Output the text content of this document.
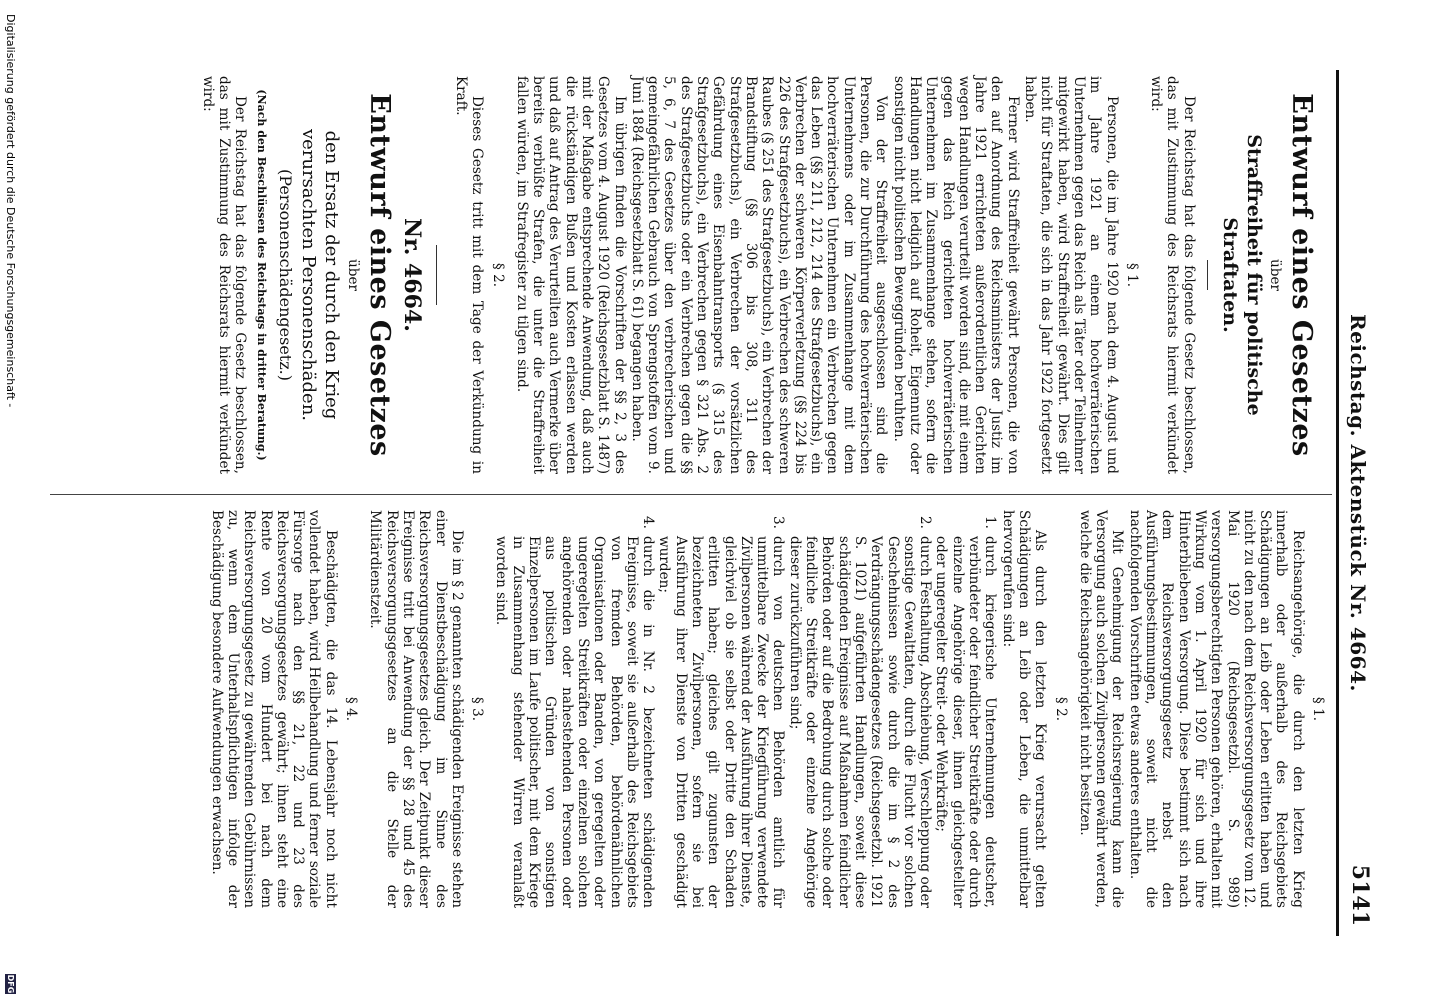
Reichstag. Aktenstück Nr. 4664.
5141

Entwurf eines Gesetzes

über

Straffreiheit für politische Straftaten.

Der Reichstag hat das folgende Gesetz beschlossen, das mit Zustimmung des Reichsrats hiermit verkündet wird:

§ 1.

Personen, die im Jahre 1920 nach dem 4. August und im Jahre 1921 an einem hochverräterischen Unternehmen gegen das Reich als Täter oder Teilnehmer mitgewirkt haben, wird Straffreiheit gewährt. Dies gilt nicht für Straftaten, die sich in das Jahr 1922 fortgesetzt haben.

Ferner wird Straffreiheit gewährt Personen, die von den auf Anordnung des Reichsministers der Justiz im Jahre 1921 errichteten außerordentlichen Gerichten wegen Handlungen verurteilt worden sind, die mit einem gegen das Reich gerichteten hochverräterischen Unternehmen im Zusammenhange stehen, sofern die Handlungen nicht lediglich auf Roheit, Eigennutz oder sonstigen nicht politischen Beweggründen beruhten.

Von der Straffreiheit ausgeschlossen sind die Personen, die zur Durchführung des hochverräterischen Unternehmens oder im Zusammenhange mit dem hochverräterischen Unternehmen ein Verbrechen gegen das Leben (§§ 211, 212, 214 des Strafgesetzbuchs), ein Verbrechen der schweren Körperverletzung (§§ 224 bis 226 des Strafgesetzbuchs), ein Verbrechen des schweren Raubes (§ 251 des Strafgesetzbuchs), ein Verbrechen der Brandstiftung (§§ 306 bis 308, 311 des Strafgesetzbuchs), ein Verbrechen der vorsätzlichen Gefährdung eines Eisenbahntransports (§ 315 des Strafgesetzbuchs), ein Verbrechen gegen § 321 Abs. 2 des Strafgesetzbuchs oder ein Verbrechen gegen die §§ 5, 6, 7 des Gesetzes über den verbrecherischen und gemeingefährlichen Gebrauch von Sprengstoffen vom 9. Juni 1884 (Reichsgesetzblatt S. 61) begangen haben.

Im übrigen finden die Vorschriften der §§ 2, 3 des Gesetzes vom 4. August 1920 (Reichsgesetzblatt S. 1487) mit der Maßgabe entsprechende Anwendung, daß auch die rückständigen Bußen und Kosten erlassen werden und daß auf Antrag des Verurteilten auch Vermerke über bereits verbüßte Strafen, die unter die Straffreiheit fallen würden, im Strafregister zu tilgen sind.

§ 2.

Dieses Gesetz tritt mit dem Tage der Verkündung in Kraft.

Nr. 4664.

Entwurf eines Gesetzes

über

den Ersatz der durch den Krieg verursachten Personenschäden.

(Personenschädengesetz.)

(Nach den Beschlüssen des Reichstags in dritter Beratung.)

Der Reichstag hat das folgende Gesetz beschlossen, das mit Zustimmung des Reichsrats hiermit verkündet wird:

§ 1.

Reichsangehörige, die durch den letzten Krieg innerhalb oder außerhalb des Reichsgebiets Schädigungen an Leib oder Leben erlitten haben und nicht zu den nach dem Reichsversorgungsgesetz vom 12. Mai 1920 (Reichsgesetzbl. S. 989) versorgungsberechtigten Personen gehören, erhalten mit Wirkung vom 1. April 1920 für sich und ihre Hinterbliebenen Versorgung. Diese bestimmt sich nach dem Reichsversorgungsgesetz nebst den Ausführungsbestimmungen, soweit nicht die nachfolgenden Vorschriften etwas anderes enthalten.

Mit Genehmigung der Reichsregierung kann die Versorgung auch solchen Zivilpersonen gewährt werden, welche die Reichsangehörigkeit nicht besitzen.

§ 2.

Als durch den letzten Krieg verursacht gelten Schädigungen an Leib oder Leben, die unmittelbar hervorgerufen sind:

1.
durch kriegerische Unternehmungen deutscher, verbündeter oder feindlicher Streitkräfte oder durch einzelne Angehörige dieser, ihnen gleichgestellter oder ungeregelter Streit- oder Wehrkräfte;
2.
durch Festhaltung, Abschiebung, Verschleppung oder sonstige Gewalttaten, durch die Flucht vor solchen Geschehnissen sowie durch die im § 2 des Verdrängungsschädengesetzes (Reichsgesetzbl. 1921 S. 1021) aufgeführten Handlungen, soweit diese schädigenden Ereignisse auf Maßnahmen feindlicher Behörden oder auf die Bedrohung durch solche oder feindliche Streitkräfte oder einzelne Angehörige dieser zurückzuführen sind;
3.
durch von deutschen Behörden amtlich für unmittelbare Zwecke der Kriegführung verwendete Zivilpersonen während der Ausführung ihrer Dienste, gleichviel ob sie selbst oder Dritte den Schaden erlitten haben; gleiches gilt zugunsten der bezeichneten Zivilpersonen, sofern sie bei Ausführung ihrer Dienste von Dritten geschädigt wurden;
4.
durch die in Nr. 2 bezeichneten schädigenden Ereignisse, soweit sie außerhalb des Reichsgebiets von fremden Behörden, behördenähnlichen Organisationen oder Banden, von geregelten oder ungeregelten Streitkräften oder einzelnen solchen angehörenden oder nahestehenden Personen oder aus politischen Gründen von sonstigen Einzelpersonen im Laufe politischer, mit dem Kriege in Zusammenhang stehender Wirren veranlaßt worden sind.

§ 3.

Die im § 2 genannten schädigenden Ereignisse stehen einer Dienstbeschädigung im Sinne des Reichsversorgungsgesetzes gleich. Der Zeitpunkt dieser Ereignisse tritt bei Anwendung der §§ 28 und 45 des Reichsversorgungsgesetzes an die Stelle der Militärdienstzeit.

§ 4.

Beschädigten, die das 14. Lebensjahr noch nicht vollendet haben, wird Heilbehandlung und ferner soziale Fürsorge nach den §§ 21, 22 und 23 des Reichsversorgungsgesetzes gewährt; ihnen steht eine Rente von 20 vom Hundert bei nach dem Reichsversorgungsgesetz zu gewährenden Gebührnissen zu, wenn dem Unterhaltspflichtigen infolge der Beschädigung besondere Aufwendungen erwachsen.

Digitalisierung gefördert durch die Deutsche Forschungsgemeinschaft -
DFG
